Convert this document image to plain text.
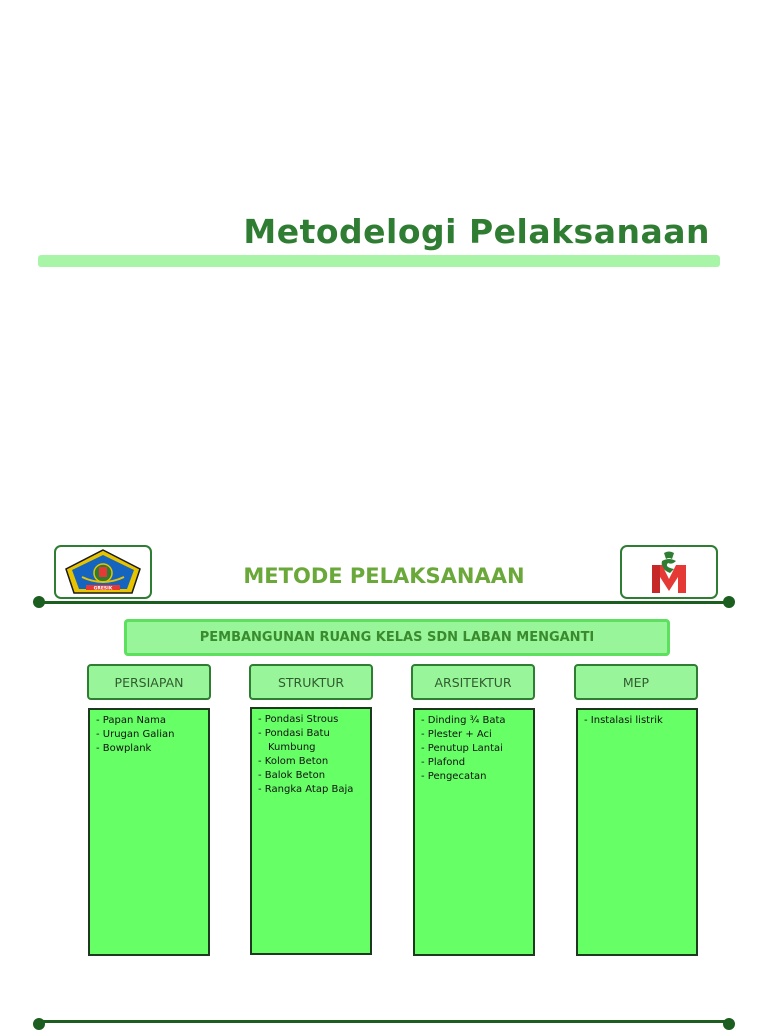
Metodelogi Pelaksanaan
GRESIK
METODE PELAKSANAAN
PEMBANGUNAN RUANG KELAS SDN LABAN MENGANTI
PERSIAPAN	STRUKTUR	ARSITEKTUR	MEP
- Papan Nama
- Urugan Galian
- Bowplank
- Pondasi Strous
- Pondasi Batu
Kumbung
- Kolom Beton
- Balok Beton
- Rangka Atap Baja
- Dinding ¾ Bata
- Plester + Aci
- Penutup Lantai
- Plafond
- Pengecatan
- Instalasi listrik
